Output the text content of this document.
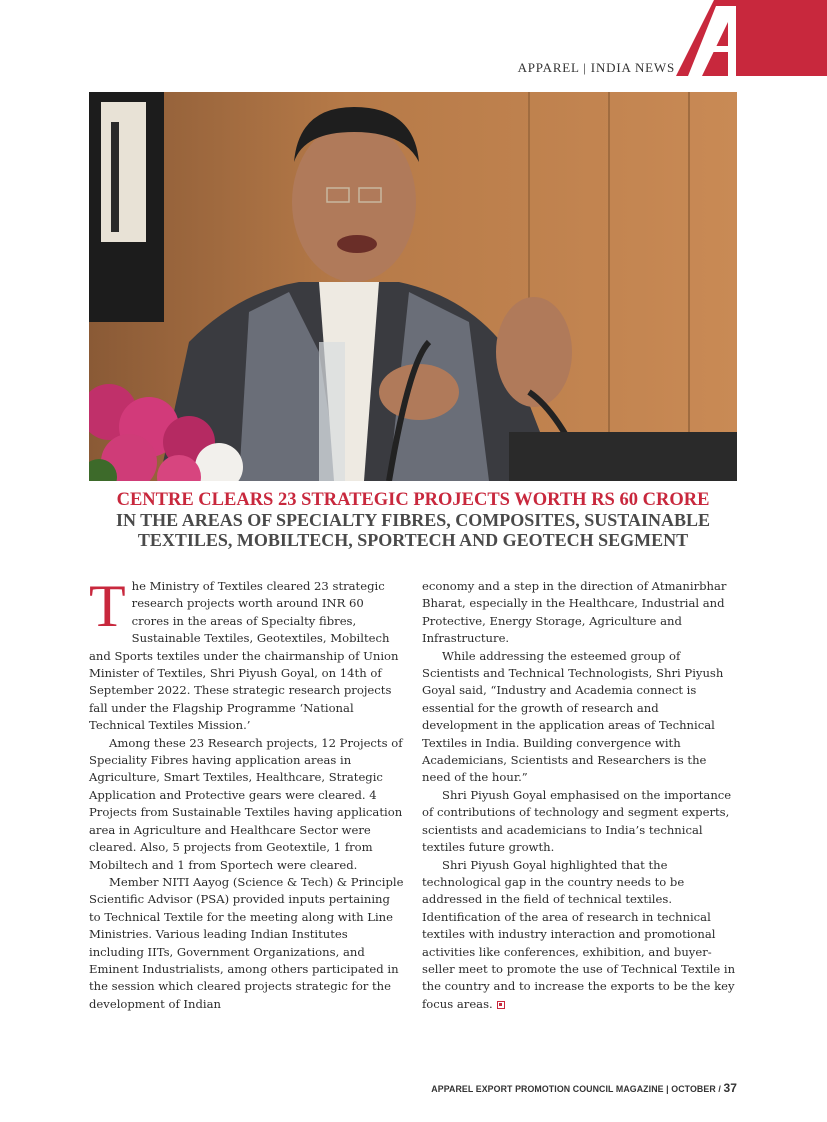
APPAREL | INDIA NEWS
CENTRE CLEARS 23 STRATEGIC PROJECTS WORTH RS 60 CRORE
IN THE AREAS OF SPECIALTY FIBRES, COMPOSITES, SUSTAINABLE
TEXTILES, MOBILTECH, SPORTECH AND GEOTECH SEGMENT

The Ministry of Textiles cleared 23 strategic research projects worth around INR 60 crores in the areas of Specialty fibres, Sustainable Textiles, Geotextiles, Mobiltech and Sports textiles under the chairmanship of Union Minister of Textiles, Shri Piyush Goyal, on 14th of September 2022. These strategic research projects fall under the Flagship Programme ‘National Technical Textiles Mission.’

Among these 23 Research projects, 12 Projects of Speciality Fibres having application areas in Agriculture, Smart Textiles, Healthcare, Strategic Application and Protective gears were cleared. 4 Projects from Sustainable Textiles having application area in Agriculture and Healthcare Sector were cleared. Also, 5 projects from Geotextile, 1 from Mobiltech and 1 from Sportech were cleared.

Member NITI Aayog (Science & Tech) & Principle Scientific Advisor (PSA) provided inputs pertaining to Technical Textile for the meeting along with Line Ministries. Various leading Indian Institutes including IITs, Government Organizations, and Eminent Industrialists, among others participated in the session which cleared projects strategic for the development of Indian

economy and a step in the direction of Atmanirbhar Bharat, especially in the Healthcare, Industrial and Protective, Energy Storage, Agriculture and Infrastructure.

While addressing the esteemed group of Scientists and Technical Technologists, Shri Piyush Goyal said, “Industry and Academia connect is essential for the growth of research and development in the application areas of Technical Textiles in India. Building convergence with Academicians, Scientists and Researchers is the need of the hour.”

Shri Piyush Goyal emphasised on the importance of contributions of technology and segment experts, scientists and academicians to India’s technical textiles future growth.

Shri Piyush Goyal highlighted that the technological gap in the country needs to be addressed in the field of technical textiles. Identification of the area of research in technical textiles with industry interaction and promotional activities like conferences, exhibition, and buyer-seller meet to promote the use of Technical Textile in the country and to increase the exports to be the key focus areas.

APPAREL EXPORT PROMOTION COUNCIL MAGAZINE | OCTOBER / 37
